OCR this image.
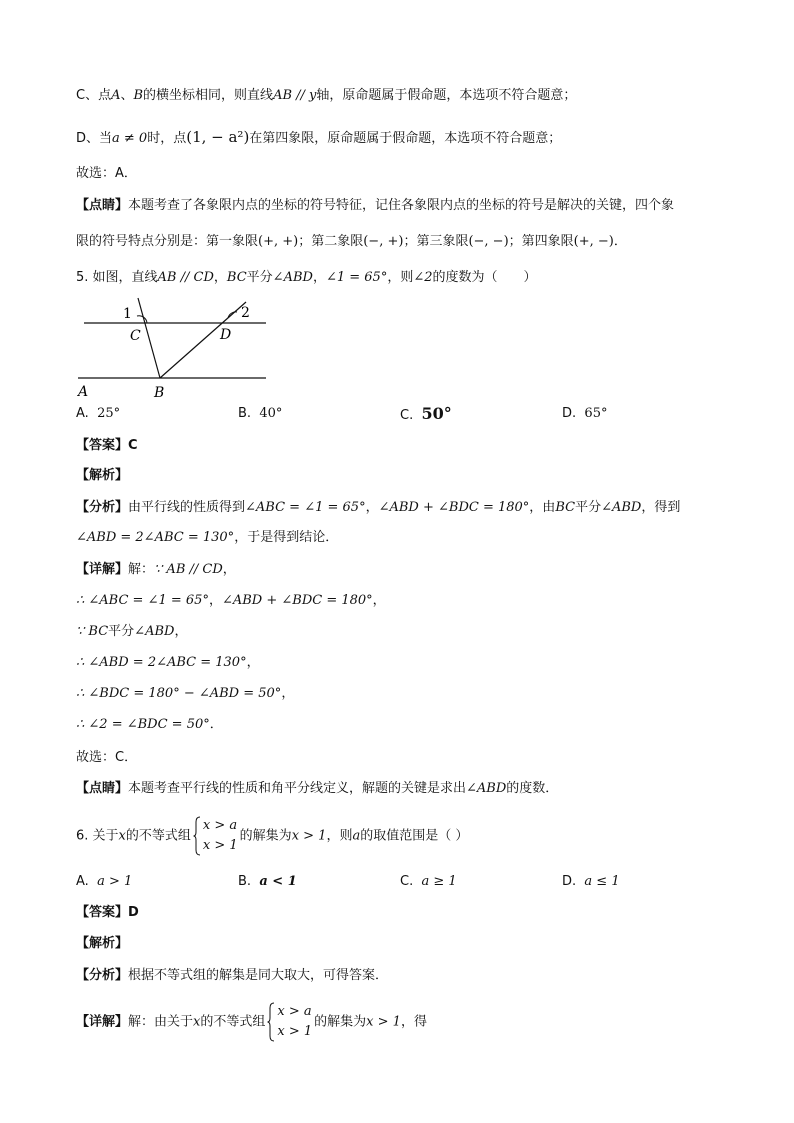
C、点A、B的横坐标相同，则直线AB // y轴，原命题属于假命题，本选项不符合题意；
D、当a ≠ 0时，点(1, − a²)在第四象限，原命题属于假命题，本选项不符合题意；
故选：A．
【点睛】本题考查了各象限内点的坐标的符号特征，记住各象限内点的坐标的符号是解决的关键，四个象
限的符号特点分别是：第一象限(+, +)；第二象限(−, +)；第三象限(−, −)；第四象限(+, −)．
5. 如图，直线AB // CD，BC平分∠ABD，∠1 = 65°，则∠2的度数为（　　）
1	2
C	D
A	B
A. 25°	B. 40°	C. 50°	D. 65°
【答案】C
【解析】
【分析】由平行线的性质得到∠ABC = ∠1 = 65°，∠ABD + ∠BDC = 180°，由BC平分∠ABD，得到
∠ABD = 2∠ABC = 130°，于是得到结论．
【详解】解：∵ AB // CD，
∴ ∠ABC = ∠1 = 65°，∠ABD + ∠BDC = 180°，
∵ BC平分∠ABD，
∴ ∠ABD = 2∠ABC = 130°，
∴ ∠BDC = 180° − ∠ABD = 50°，
∴ ∠2 = ∠BDC = 50°．
故选：C．
【点睛】本题考查平行线的性质和角平分线定义，解题的关键是求出∠ABD的度数．
6. 关于x的不等式组
x > a
x > 1
的解集为x > 1，则a的取值范围是（ ）
A. a > 1	B. a < 1	C. a ≥ 1	D. a ≤ 1
【答案】D
【解析】
【分析】根据不等式组的解集是同大取大，可得答案．
【详解】解：由关于x的不等式组
x > a
x > 1
的解集为x > 1，得
